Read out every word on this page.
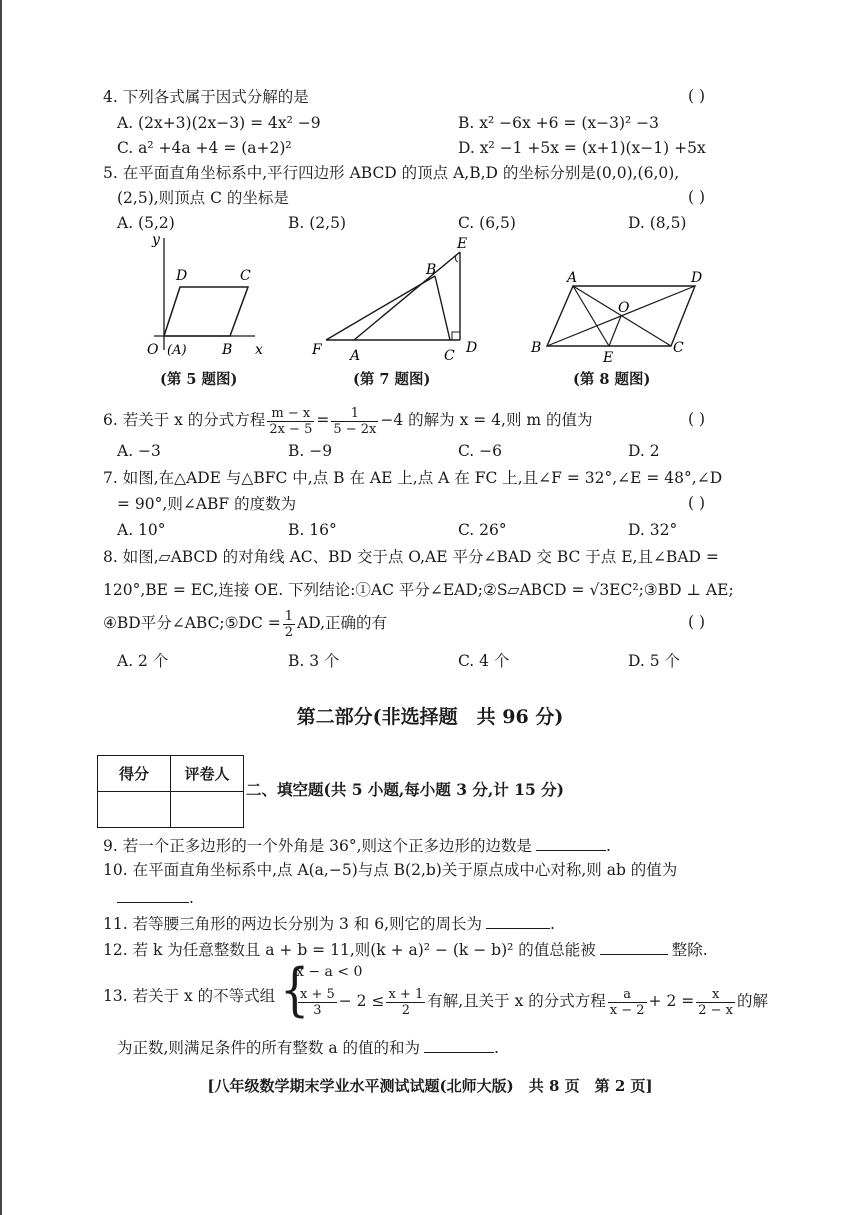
4. 下列各式属于因式分解的是	( )
A. (2x+3)(2x−3) = 4x² −9	B. x² −6x +6 = (x−3)² −3
C. a² +4a +4 = (a+2)²	D. x² −1 +5x = (x+1)(x−1) +5x
5. 在平面直角坐标系中,平行四边形 ABCD 的顶点 A,B,D 的坐标分别是(0,0),(6,0),
(2,5),则顶点 C 的坐标是	( )
A. (5,2)	B. (2,5)	C. (6,5)	D. (8,5)
y
D	C
O (A)	B x
(第 5 题图)
E
B
F A	C D
(第 7 题图)
A	D
O
B
E
C
(第 8 题图)
6. 若关于 x 的分式方程 $\frac{m - x}{2x - 5} = \frac{1}{5 - 2x} -4$ 的解为 x = 4,则 m 的值为	( )
A. −3	B. −9	C. −6	D. 2
7. 如图,在△ADE 与△BFC 中,点 B 在 AE 上,点 A 在 FC 上,且∠F = 32°,∠E = 48°,∠D
= 90°,则∠ABF 的度数为	( )
A. 10°	B. 16°	C. 26°	D. 32°
8. 如图,▱ABCD 的对角线 AC、BD 交于点 O,AE 平分∠BAD 交 BC 于点 E,且∠BAD =
120°,BE = EC,连接 OE. 下列结论:①AC 平分∠EAD;②S▱ABCD = √3EC²;③BD ⊥ AE;
④BD平分∠ABC;⑤DC = $\frac{1}{2}$ AD,正确的有	( )
A. 2 个	B. 3 个	C. 4 个	D. 5 个
第二部分(非选择题　共 96 分)
得分	评卷人

二、填空题(共 5 小题,每小题 3 分,计 15 分)
9. 若一个正多边形的一个外角是 36°,则这个正多边形的边数是	.
10. 在平面直角坐标系中,点 A(a,−5)与点 B(2,b)关于原点成中心对称,则 ab 的值为
.
11. 若等腰三角形的两边长分别为 3 和 6,则它的周长为	.
12. 若 k 为任意整数且 a + b = 11,则(k + a)² − (k − b)² 的值总能被	整除.
13. 若关于 x 的不等式组 {
x − a < 0
$\frac{x + 5}{3} - 2 \le \frac{x + 1}{2}$ 有解,且关于 x 的分式方程 $\frac{a}{x - 2} + 2 = \frac{x}{2 - x}$ 的解
为正数,则满足条件的所有整数 a 的值的和为	.
[八年级数学期末学业水平测试试题(北师大版)　共 8 页　第 2 页]
